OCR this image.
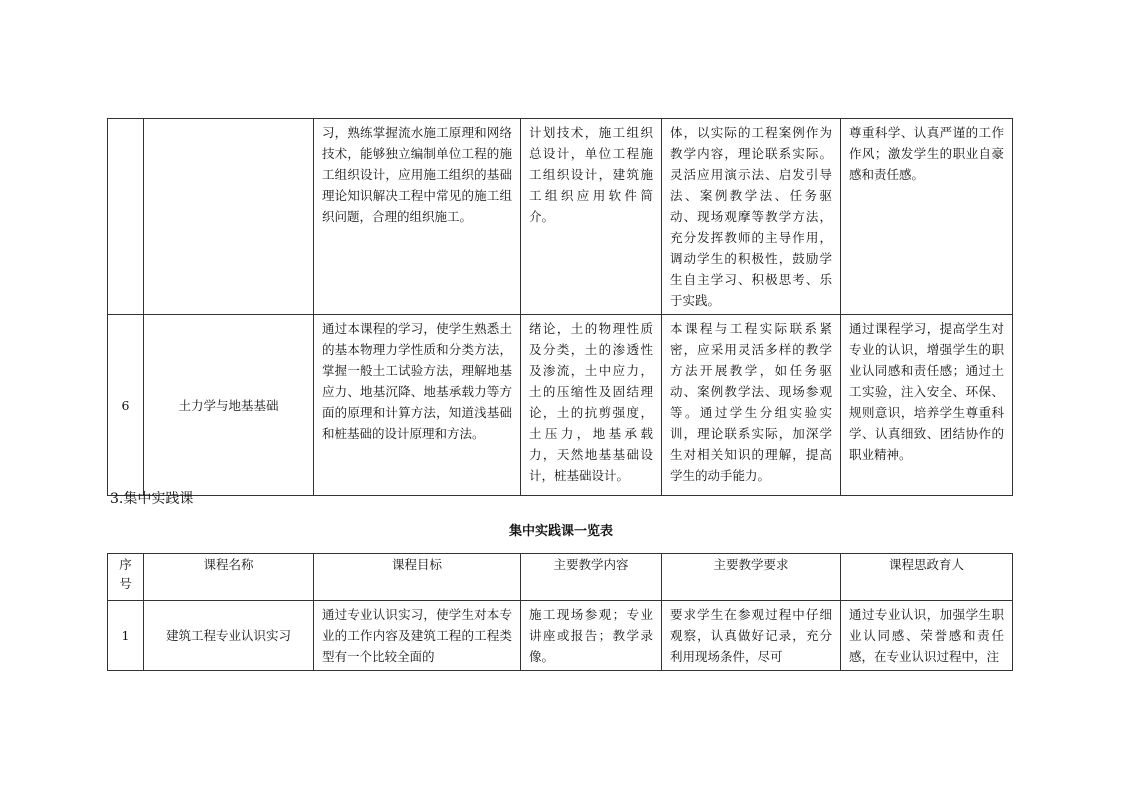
		习，熟练掌握流水施工原理和网络技术，能够独立编制单位工程的施工组织设计，应用施工组织的基础理论知识解决工程中常见的施工组织问题，合理的组织施工。	计划技术，施工组织总设计，单位工程施工组织设计，建筑施工组织应用软件简介。	体，以实际的工程案例作为教学内容，理论联系实际。灵活应用演示法、启发引导法、案例教学法、任务驱动、现场观摩等教学方法，充分发挥教师的主导作用，调动学生的积极性，鼓励学生自主学习、积极思考、乐于实践。	尊重科学、认真严谨的工作作风；激发学生的职业自豪感和责任感。
6	土力学与地基基础	通过本课程的学习，使学生熟悉土的基本物理力学性质和分类方法，掌握一般土工试验方法，理解地基应力、地基沉降、地基承载力等方面的原理和计算方法，知道浅基础和桩基础的设计原理和方法。	绪论，土的物理性质及分类，土的渗透性及渗流，土中应力，土的压缩性及固结理论，土的抗剪强度，土压力，地基承载力，天然地基基础设计，桩基础设计。	本课程与工程实际联系紧密，应采用灵活多样的教学方法开展教学，如任务驱动、案例教学法、现场参观等。通过学生分组实验实训，理论联系实际，加深学生对相关知识的理解，提高学生的动手能力。	通过课程学习，提高学生对专业的认识，增强学生的职业认同感和责任感；通过土工实验，注入安全、环保、规则意识，培养学生尊重科学、认真细致、团结协作的职业精神。
3.集中实践课
集中实践课一览表
序号	课程名称	课程目标	主要教学内容	主要教学要求	课程思政育人
1	建筑工程专业认识实习	通过专业认识实习，使学生对本专业的工作内容及建筑工程的工程类型有一个比较全面的	施工现场参观；专业讲座或报告；教学录像。	要求学生在参观过程中仔细观察，认真做好记录，充分利用现场条件，尽可	通过专业认识，加强学生职业认同感、荣誉感和责任感，在专业认识过程中，注
